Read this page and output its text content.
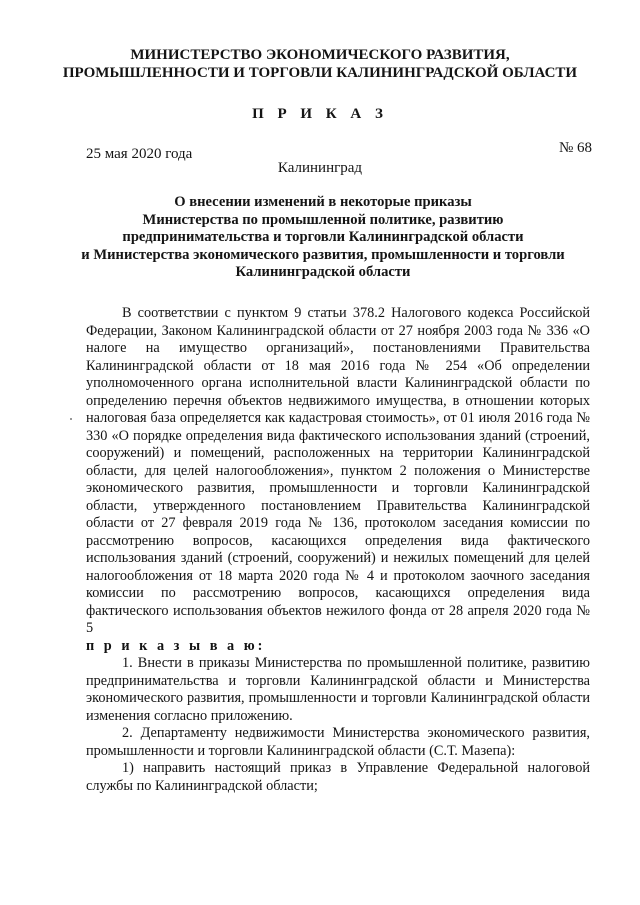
МИНИСТЕРСТВО ЭКОНОМИЧЕСКОГО РАЗВИТИЯ,
ПРОМЫШЛЕННОСТИ И ТОРГОВЛИ КАЛИНИНГРАДСКОЙ ОБЛАСТИ
П Р И К А З
25 мая 2020 года	№ 68
Калининград
О внесении изменений в некоторые приказы
Министерства по промышленной политике, развитию
предпринимательства и торговли Калининградской области
и Министерства экономического развития, промышленности и торговли
Калининградской области

В соответствии с пунктом 9 статьи 378.2 Налогового кодекса Российской Федерации, Законом Калининградской области от 27 ноября 2003 года № 336 «О налоге на имущество организаций», постановлениями Правительства Калининградской области от 18 мая 2016 года № 254 «Об определении уполномоченного органа исполнительной власти Калининградской области по определению перечня объектов недвижимого имущества, в отношении которых налоговая база определяется как кадастровая стоимость», от 01 июля 2016 года № 330 «О порядке определения вида фактического использования зданий (строений, сооружений) и помещений, расположенных на территории Калининградской области, для целей налогообложения», пунктом 2 положения о Министерстве экономического развития, промышленности и торговли Калининградской области, утвержденного постановлением Правительства Калининградской области от 27 февраля 2019 года № 136, протоколом заседания комиссии по рассмотрению вопросов, касающихся определения вида фактического использования зданий (строений, сооружений) и нежилых помещений для целей налогообложения от 18 марта 2020 года № 4 и протоколом заочного заседания комиссии по рассмотрению вопросов, касающихся определения вида фактического использования объектов нежилого фонда от 28 апреля 2020 года № 5

п р и к а з ы в а ю:

1. Внести в приказы Министерства по промышленной политике, развитию предпринимательства и торговли Калининградской области и Министерства экономического развития, промышленности и торговли Калининградской области изменения согласно приложению.

2. Департаменту недвижимости Министерства экономического развития, промышленности и торговли Калининградской области (С.Т. Мазепа):

1) направить настоящий приказ в Управление Федеральной налоговой службы по Калининградской области;
